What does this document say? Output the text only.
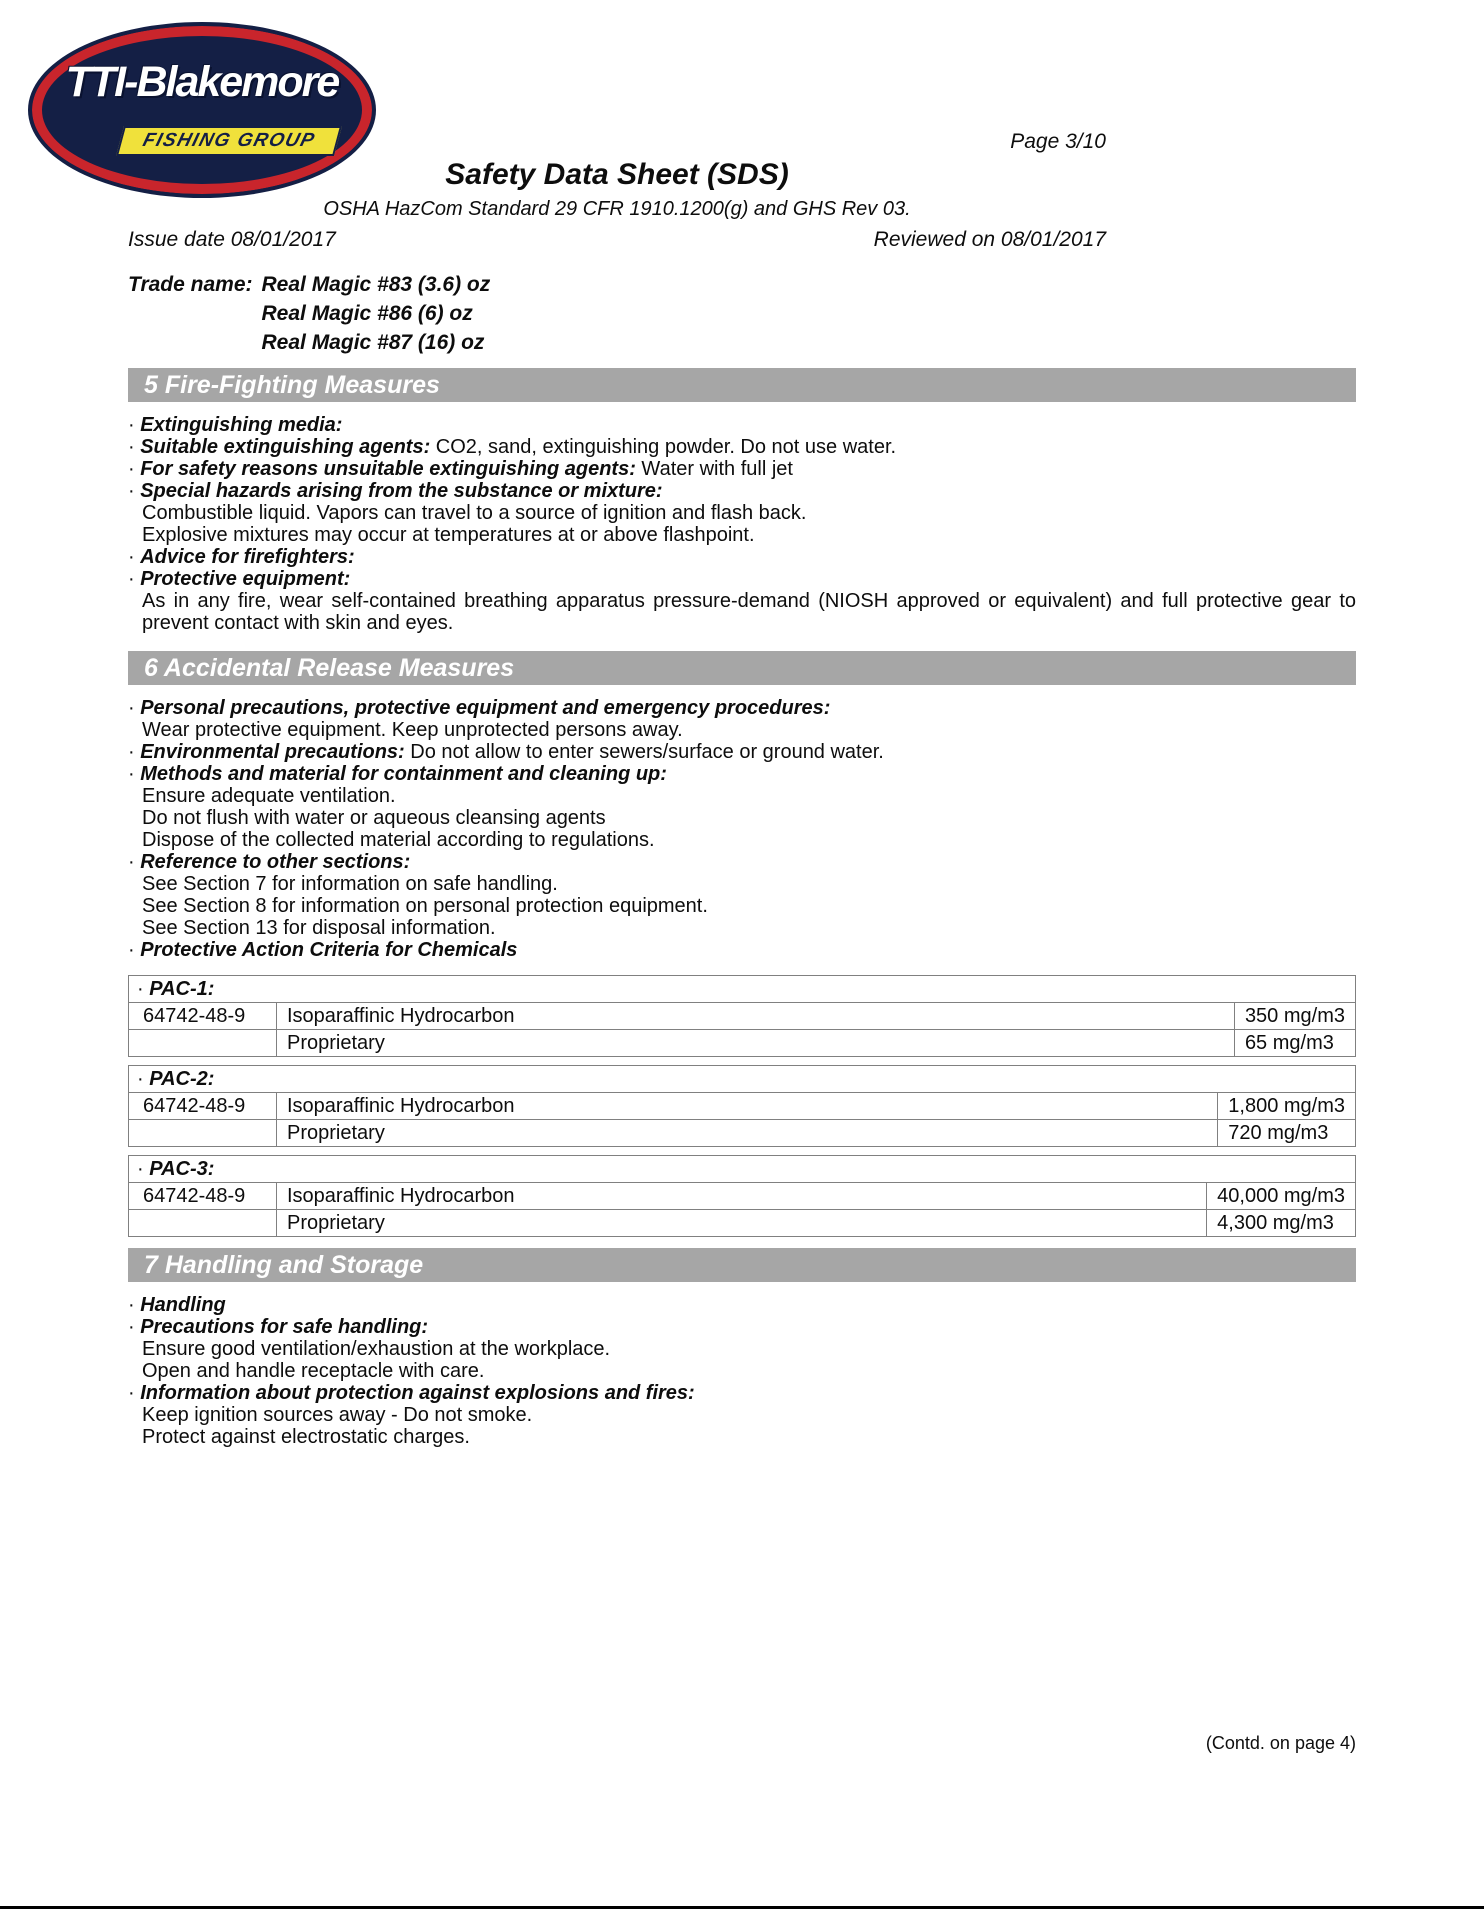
TTI-Blakemore
FISHING GROUP	Page 3/10
Safety Data Sheet (SDS)
OSHA HazCom Standard 29 CFR 1910.1200(g) and GHS Rev 03.
Issue date 08/01/2017	Reviewed on 08/01/2017
Trade name: Real Magic #83 (3.6) oz
Real Magic #86 (6) oz
Real Magic #87 (16) oz
5 Fire-Fighting Measures
· Extinguishing media:
· Suitable extinguishing agents: CO2, sand, extinguishing powder. Do not use water.
· For safety reasons unsuitable extinguishing agents: Water with full jet
· Special hazards arising from the substance or mixture:
Combustible liquid. Vapors can travel to a source of ignition and flash back.
Explosive mixtures may occur at temperatures at or above flashpoint.
· Advice for firefighters:
· Protective equipment:
As in any fire, wear self-contained breathing apparatus pressure-demand (NIOSH approved or equivalent) and full protective gear to prevent contact with skin and eyes.
6 Accidental Release Measures
· Personal precautions, protective equipment and emergency procedures:
Wear protective equipment. Keep unprotected persons away.
· Environmental precautions: Do not allow to enter sewers/surface or ground water.
· Methods and material for containment and cleaning up:
Ensure adequate ventilation.
Do not flush with water or aqueous cleansing agents
Dispose of the collected material according to regulations.
· Reference to other sections:
See Section 7 for information on safe handling.
See Section 8 for information on personal protection equipment.
See Section 13 for disposal information.
· Protective Action Criteria for Chemicals
· PAC-1:		
64742-48-9	Isoparaffinic Hydrocarbon	350 mg/m3
	Proprietary	65 mg/m3
· PAC-2:		
64742-48-9	Isoparaffinic Hydrocarbon	1,800 mg/m3
	Proprietary	720 mg/m3
· PAC-3:		
64742-48-9	Isoparaffinic Hydrocarbon	40,000 mg/m3
	Proprietary	4,300 mg/m3
7 Handling and Storage
· Handling
· Precautions for safe handling:
Ensure good ventilation/exhaustion at the workplace.
Open and handle receptacle with care.
· Information about protection against explosions and fires:
Keep ignition sources away - Do not smoke.
Protect against electrostatic charges.
(Contd. on page 4)
